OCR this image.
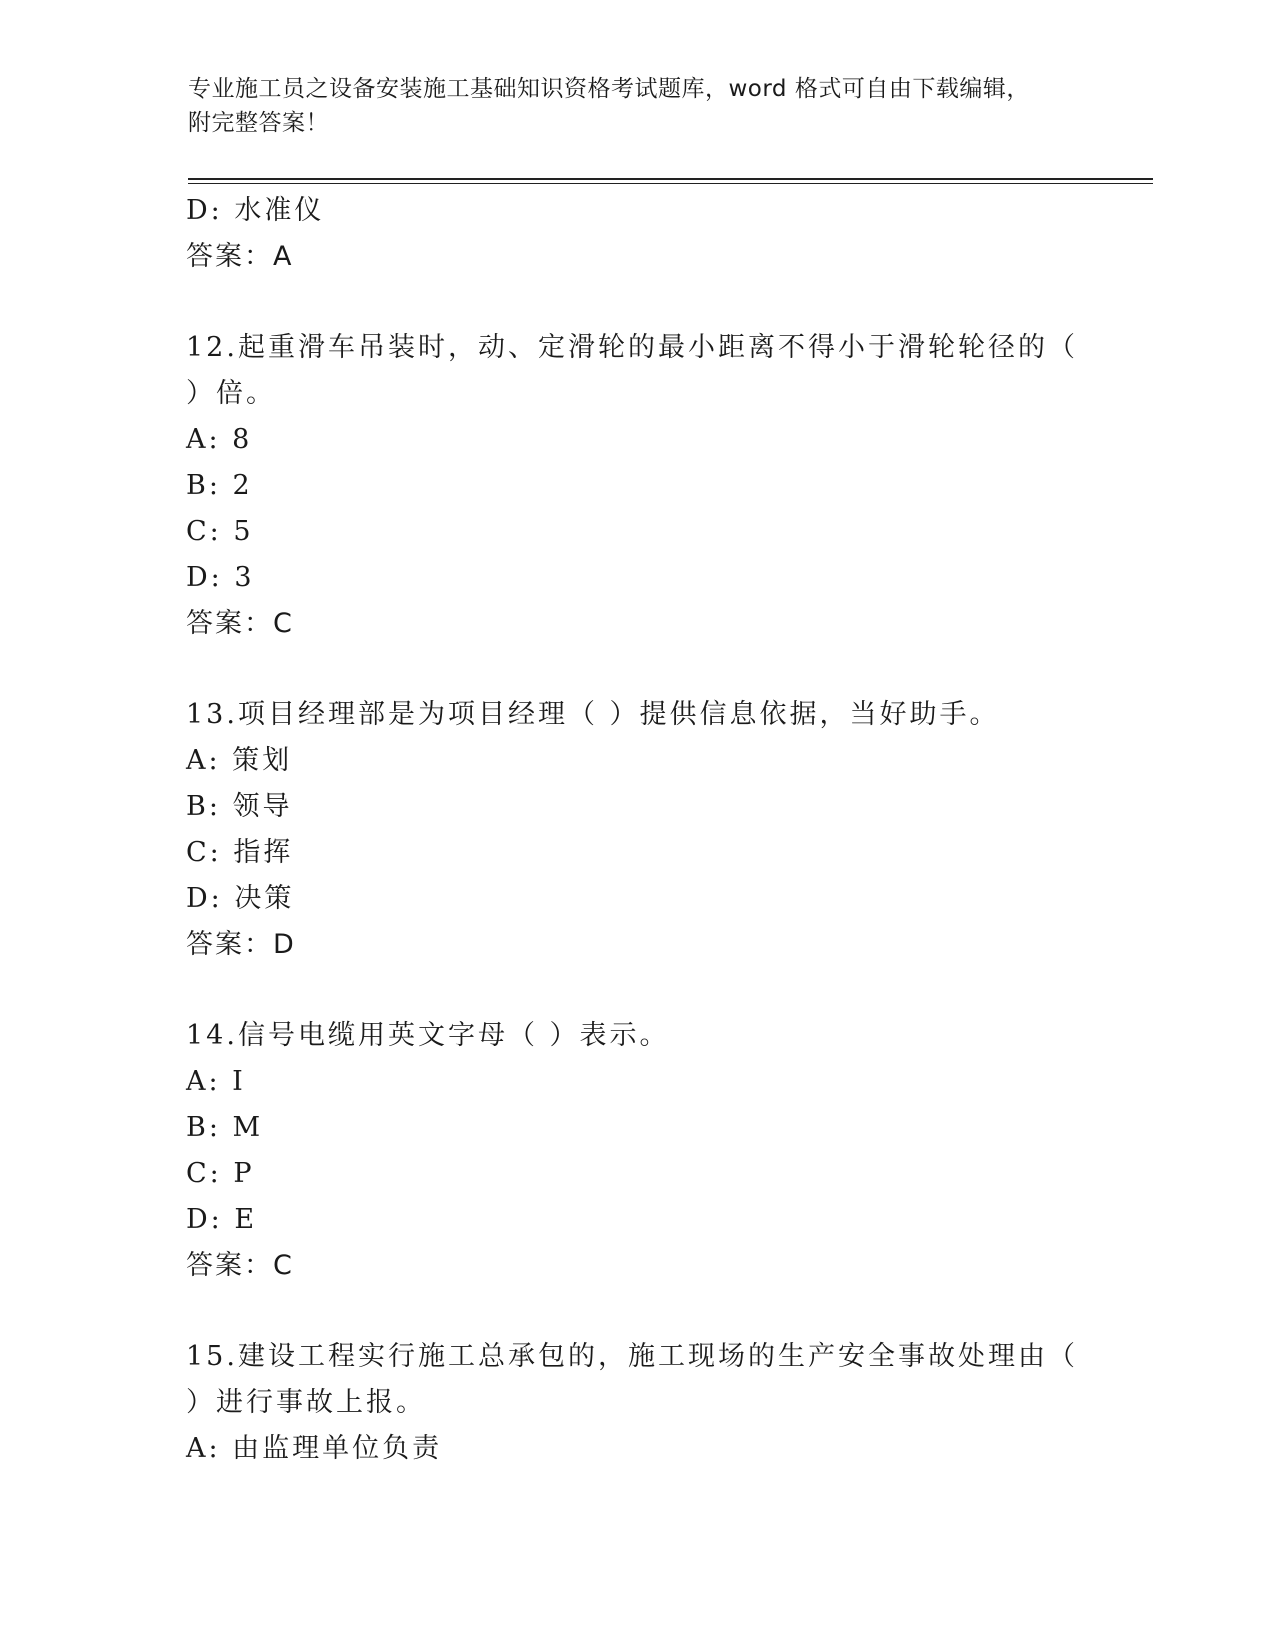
专业施工员之设备安装施工基础知识资格考试题库，word 格式可自由下载编辑，
附完整答案！
D: 水准仪
答案：A
12.起重滑车吊装时，动、定滑轮的最小距离不得小于滑轮轮径的（
）倍。
A: 8
B: 2
C: 5
D: 3
答案：C
13.项目经理部是为项目经理（ ）提供信息依据，当好助手。
A: 策划
B: 领导
C: 指挥
D: 决策
答案：D
14.信号电缆用英文字母（ ）表示。
A: I
B: M
C: P
D: E
答案：C
15.建设工程实行施工总承包的，施工现场的生产安全事故处理由（
）进行事故上报。
A: 由监理单位负责
